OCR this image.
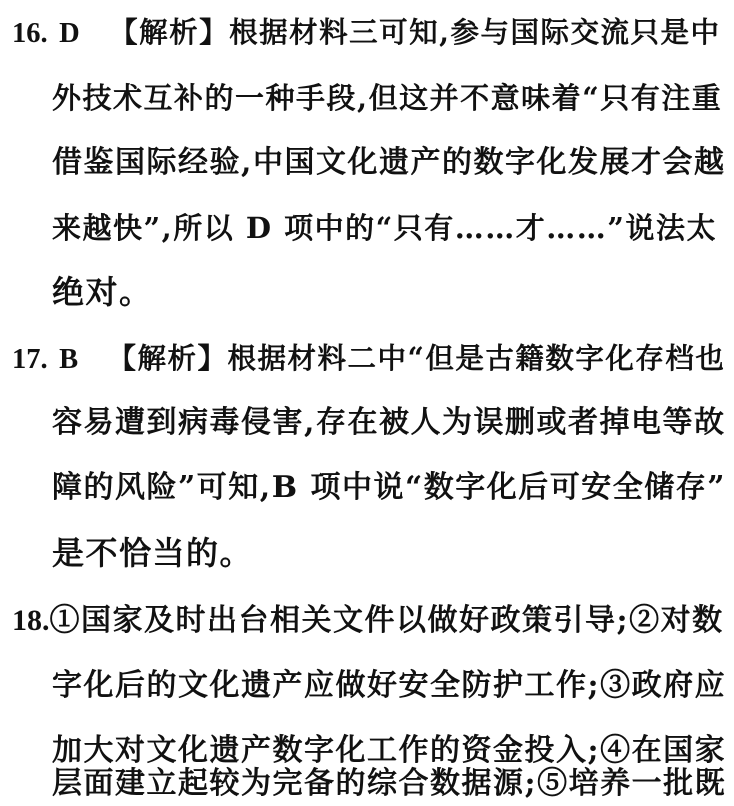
16. D 【解析】根据材料三可知,参与国际交流只是中
外技术互补的一种手段,但这并不意味着“只有注重
借鉴国际经验,中国文化遗产的数字化发展才会越
来越快”,所以 D 项中的“只有……才……”说法太
绝对。
17. B 【解析】根据材料二中“但是古籍数字化存档也
容易遭到病毒侵害,存在被人为误删或者掉电等故
障的风险”可知,B 项中说“数字化后可安全储存”
是不恰当的。
18.①国家及时出台相关文件以做好政策引导;②对数
字化后的文化遗产应做好安全防护工作;③政府应
加大对文化遗产数字化工作的资金投入;④在国家
层面建立起较为完备的综合数据源;⑤培养一批既
